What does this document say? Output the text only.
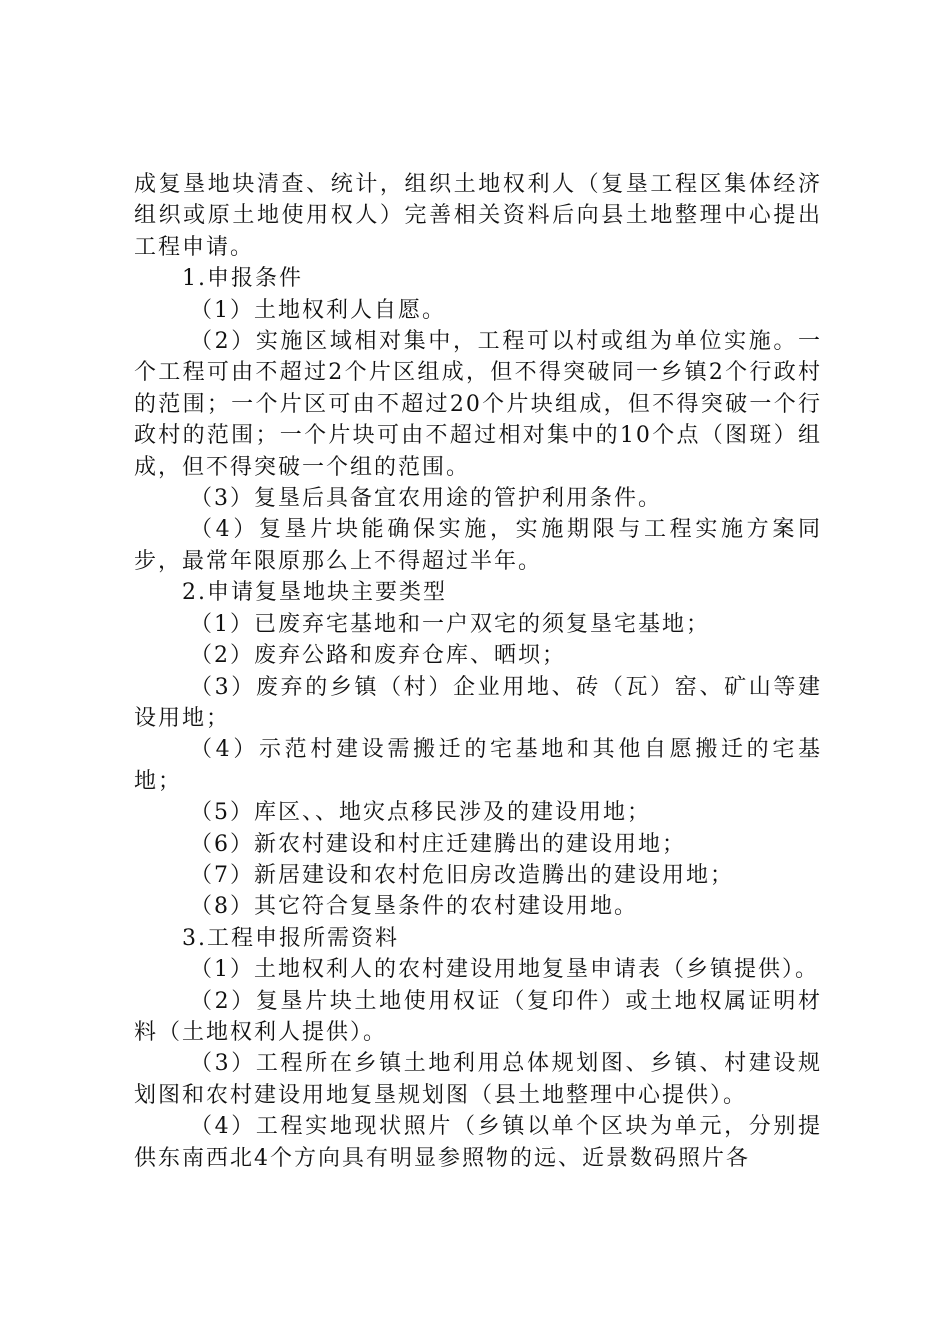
成复垦地块清查、统计，组织土地权利人（复垦工程区集体经济组织或原土地使用权人）完善相关资料后向县土地整理中心提出工程申请。

1.申报条件

（1）土地权利人自愿。

（2）实施区域相对集中，工程可以村或组为单位实施。一个工程可由不超过2个片区组成，但不得突破同一乡镇2个行政村的范围；一个片区可由不超过20个片块组成，但不得突破一个行政村的范围；一个片块可由不超过相对集中的10个点（图斑）组成，但不得突破一个组的范围。

（3）复垦后具备宜农用途的管护利用条件。

（4）复垦片块能确保实施，实施期限与工程实施方案同步，最常年限原那么上不得超过半年。

2.申请复垦地块主要类型

（1）已废弃宅基地和一户双宅的须复垦宅基地；

（2）废弃公路和废弃仓库、晒坝；

（3）废弃的乡镇（村）企业用地、砖（瓦）窑、矿山等建设用地；

（4）示范村建设需搬迁的宅基地和其他自愿搬迁的宅基地；

（5）库区、、地灾点移民涉及的建设用地；

（6）新农村建设和村庄迁建腾出的建设用地；

（7）新居建设和农村危旧房改造腾出的建设用地；

（8）其它符合复垦条件的农村建设用地。

3.工程申报所需资料

（1）土地权利人的农村建设用地复垦申请表（乡镇提供）。

（2）复垦片块土地使用权证（复印件）或土地权属证明材料（土地权利人提供）。

（3）工程所在乡镇土地利用总体规划图、乡镇、村建设规划图和农村建设用地复垦规划图（县土地整理中心提供）。

（4）工程实地现状照片（乡镇以单个区块为单元，分别提供东南西北4个方向具有明显参照物的远、近景数码照片各
